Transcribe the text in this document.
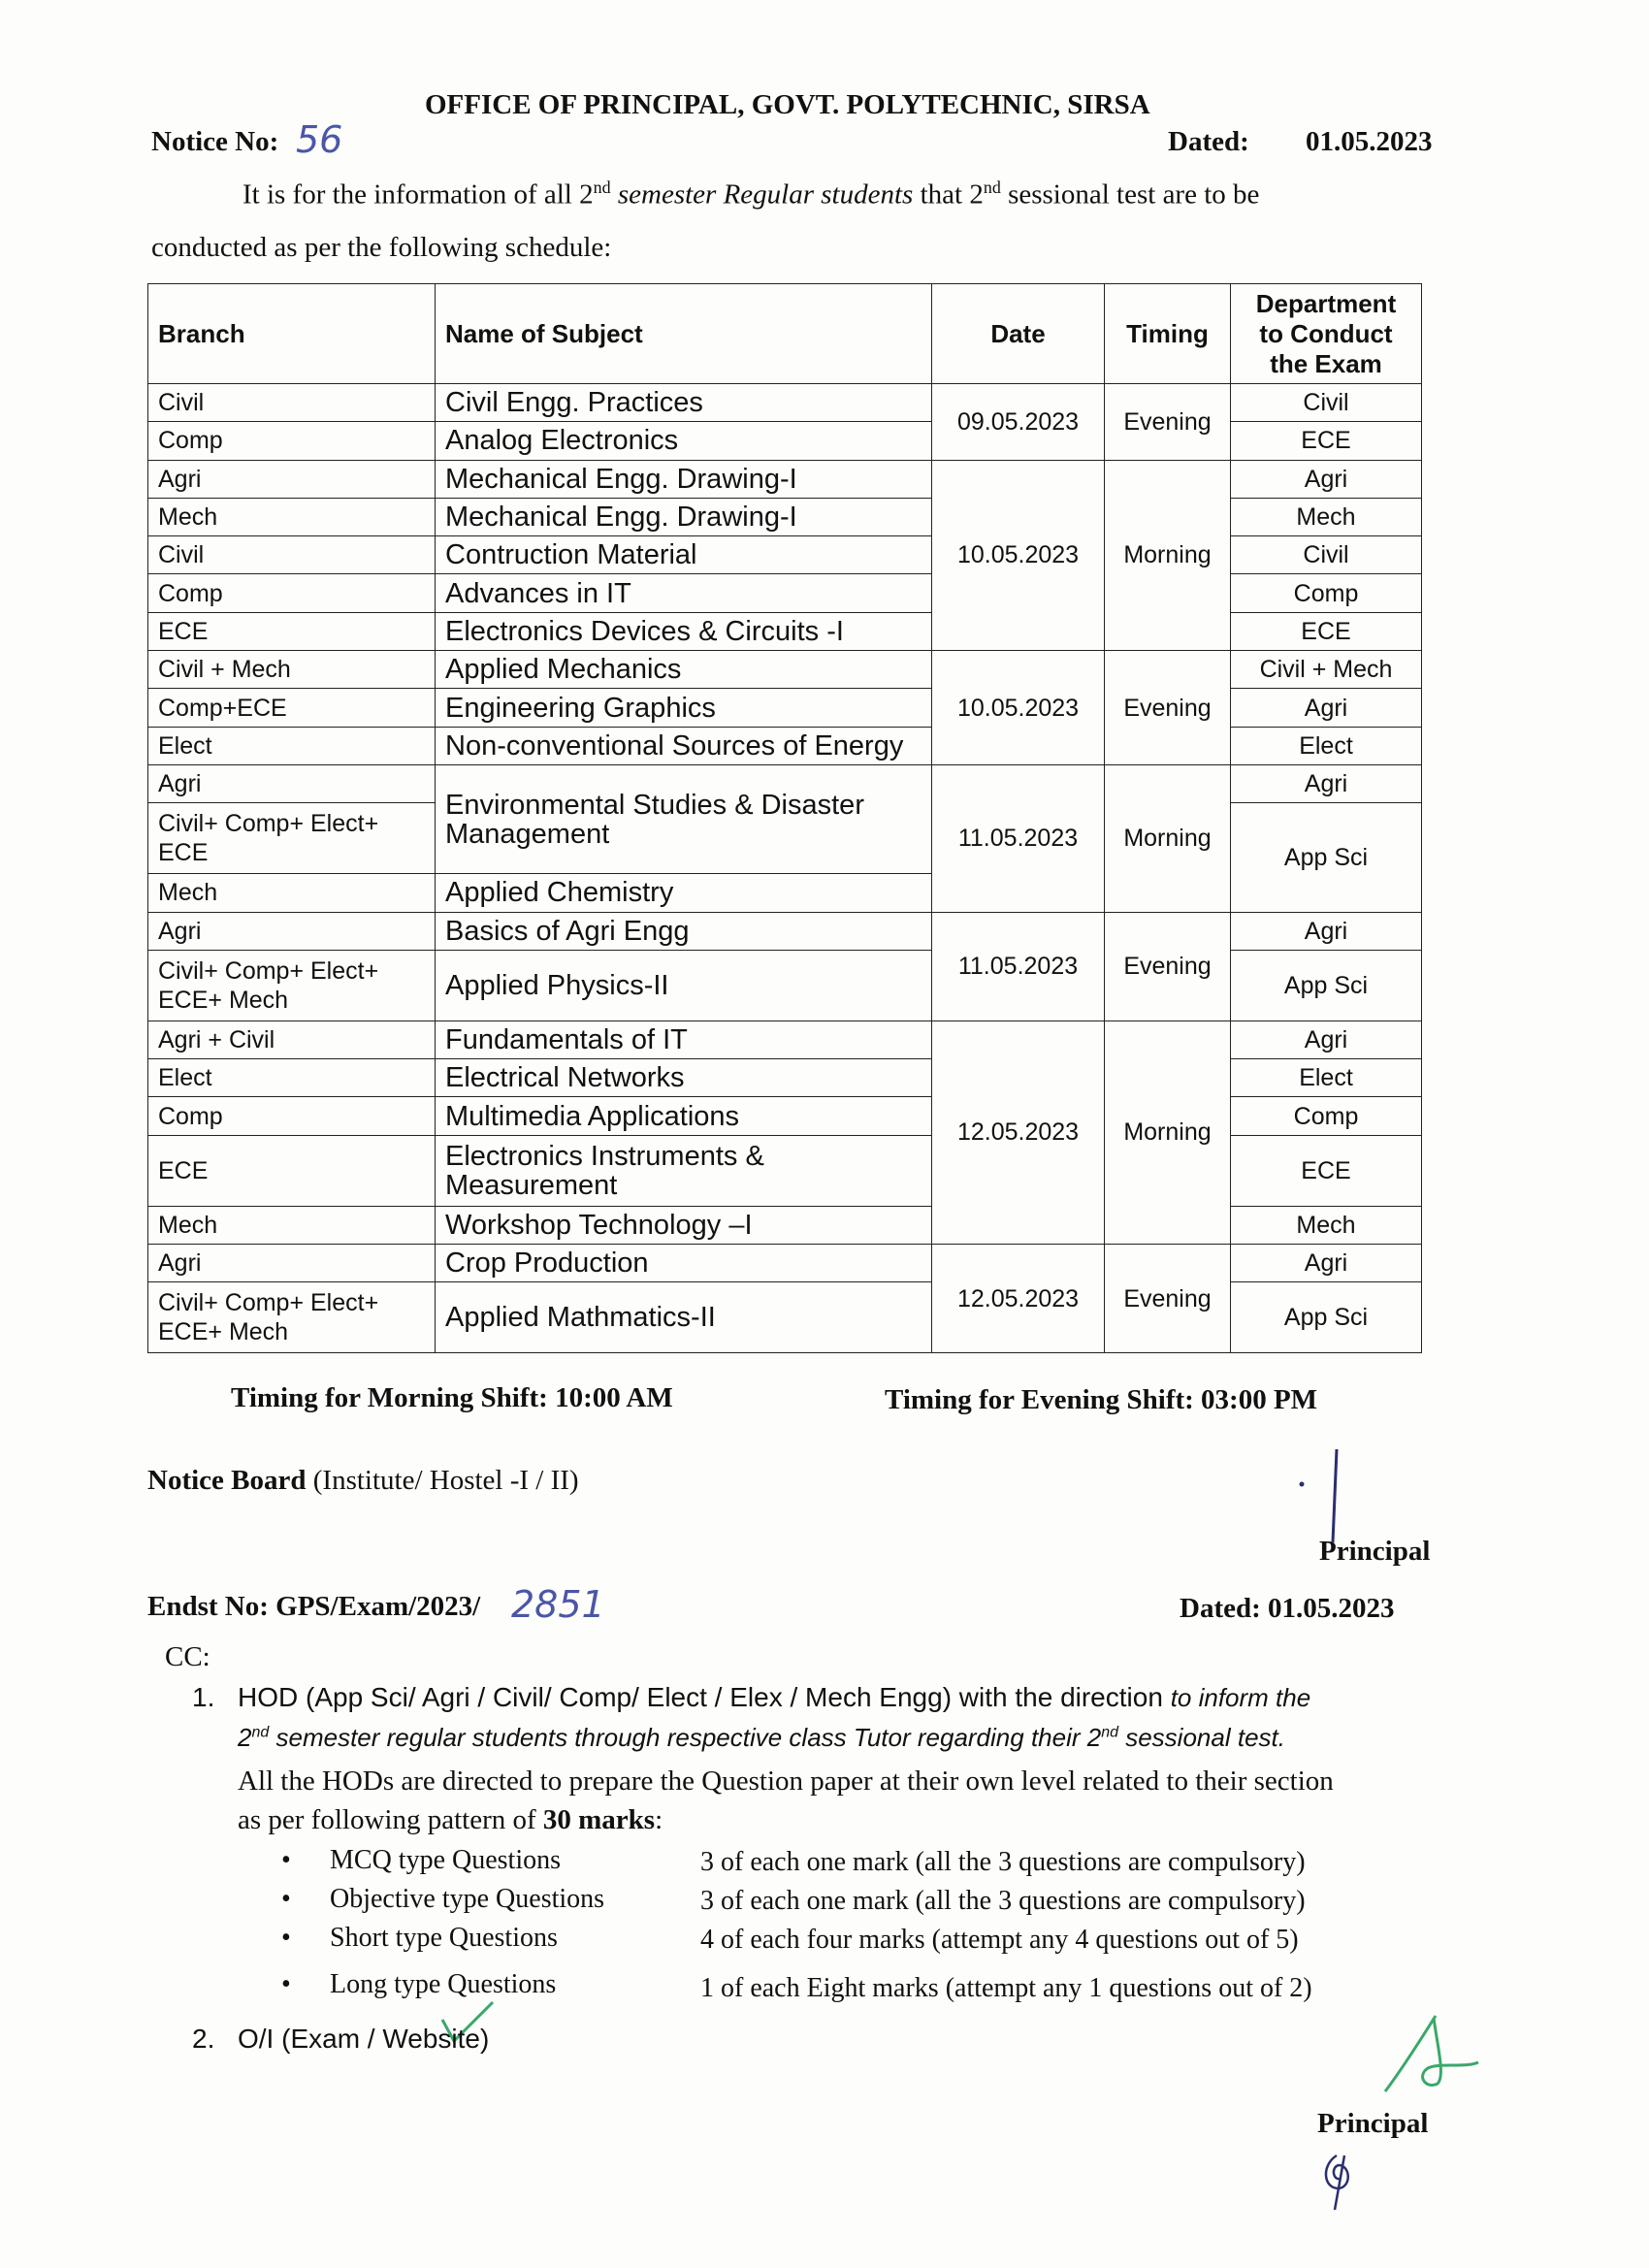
OFFICE OF PRINCIPAL, GOVT. POLYTECHNIC, SIRSA
Notice No: 56	Dated: 01.05.2023
It is for the information of all 2nd semester Regular students that 2nd sessional test are to be
conducted as per the following schedule:
Branch	Name of Subject	Date	Timing	Department to Conduct the Exam
Civil	Civil Engg. Practices	09.05.2023	Evening	Civil
Comp	Analog Electronics			ECE
Agri	Mechanical Engg. Drawing-I	10.05.2023	Morning	Agri
Mech	Mechanical Engg. Drawing-I			Mech
Civil	Contruction Material			Civil
Comp	Advances in IT			Comp
ECE	Electronics Devices & Circuits -I			ECE
Civil + Mech	Applied Mechanics	10.05.2023	Evening	Civil + Mech
Comp+ECE	Engineering Graphics			Agri
Elect	Non-conventional Sources of Energy			Elect
Agri	Environmental Studies & Disaster Management	11.05.2023	Morning	Agri
Civil+ Comp+ Elect+ ECE				App Sci
Mech	Applied Chemistry			
Agri	Basics of Agri Engg	11.05.2023	Evening	Agri
Civil+ Comp+ Elect+ ECE+ Mech	Applied Physics-II			App Sci
Agri + Civil	Fundamentals of IT	12.05.2023	Morning	Agri
Elect	Electrical Networks			Elect
Comp	Multimedia Applications			Comp
ECE	Electronics Instruments & Measurement			ECE
Mech	Workshop Technology –I			Mech
Agri	Crop Production	12.05.2023	Evening	Agri
Civil+ Comp+ Elect+ ECE+ Mech	Applied Mathmatics-II			App Sci
Timing for Morning Shift: 10:00 AM	Timing for Evening Shift: 03:00 PM
Notice Board (Institute/ Hostel -I / II)
Principal
Endst No: GPS/Exam/2023/ 2851	Dated: 01.05.2023
CC:
1. HOD (App Sci/ Agri / Civil/ Comp/ Elect / Elex / Mech Engg) with the direction to inform the
2nd semester regular students through respective class Tutor regarding their 2nd sessional test.
All the HODs are directed to prepare the Question paper at their own level related to their section
as per following pattern of 30 marks:
• MCQ type Questions	3 of each one mark (all the 3 questions are compulsory)
• Objective type Questions	3 of each one mark (all the 3 questions are compulsory)
• Short type Questions	4 of each four marks (attempt any 4 questions out of 5)
• Long type Questions	1 of each Eight marks (attempt any 1 questions out of 2)
2. O/I (Exam / Website)
Principal
